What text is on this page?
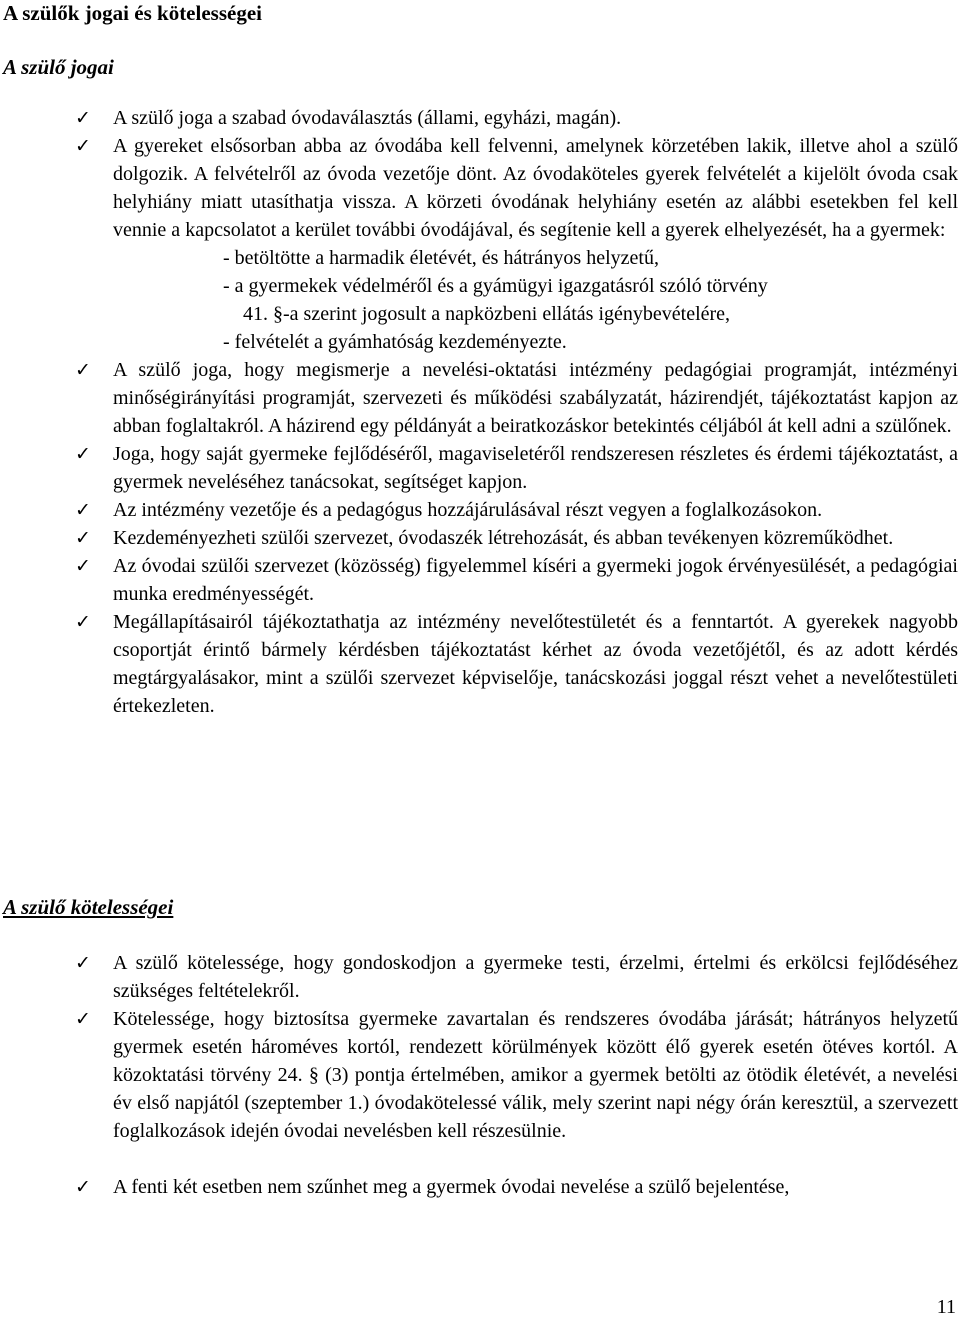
A szülők jogai és kötelességei
A szülő jogai
✓	A szülő joga a szabad óvodaválasztás (állami, egyházi, magán).
✓	A gyereket elsősorban abba az óvodába kell felvenni, amelynek körzetében lakik, illetve ahol a szülő dolgozik. A felvételről az óvoda vezetője dönt. Az óvodaköteles gyerek felvételét a kijelölt óvoda csak helyhiány miatt utasíthatja vissza. A körzeti óvodának helyhiány esetén az alábbi esetekben fel kell vennie a kapcsolatot a kerület további óvodájával, és segítenie kell a gyerek elhelyezését, ha a gyermek:
- betöltötte a harmadik életévét, és hátrányos helyzetű,
- a gyermekek védelméről és a gyámügyi igazgatásról szóló törvény
41. §-a szerint jogosult a napközbeni ellátás igénybevételére,
- felvételét a gyámhatóság kezdeményezte.
✓	A szülő joga, hogy megismerje a nevelési-oktatási intézmény pedagógiai programját, intézményi minőségirányítási programját, szervezeti és működési szabályzatát, házirendjét, tájékoztatást kapjon az abban foglaltakról. A házirend egy példányát a beiratkozáskor betekintés céljából át kell adni a szülőnek.
✓	Joga, hogy saját gyermeke fejlődéséről, magaviseletéről rendszeresen részletes és érdemi tájékoztatást, a gyermek neveléséhez tanácsokat, segítséget kapjon.
✓	Az intézmény vezetője és a pedagógus hozzájárulásával részt vegyen a foglalkozásokon.
✓	Kezdeményezheti szülői szervezet, óvodaszék létrehozását, és abban tevékenyen közreműködhet.
✓	Az óvodai szülői szervezet (közösség) figyelemmel kíséri a gyermeki jogok érvényesülését, a pedagógiai munka eredményességét.
✓	Megállapításairól tájékoztathatja az intézmény nevelőtestületét és a fenntartót. A gyerekek nagyobb csoportját érintő bármely kérdésben tájékoztatást kérhet az óvoda vezetőjétől, és az adott kérdés megtárgyalásakor, mint a szülői szervezet képviselője, tanácskozási joggal részt vehet a nevelőtestületi értekezleten.
A szülő kötelességei
✓	A szülő kötelessége, hogy gondoskodjon a gyermeke testi, érzelmi, értelmi és erkölcsi fejlődéséhez szükséges feltételekről.
✓	Kötelessége, hogy biztosítsa gyermeke zavartalan és rendszeres óvodába járását; hátrányos helyzetű gyermek esetén hároméves kortól, rendezett körülmények között élő gyerek esetén ötéves kortól. A közoktatási törvény 24. § (3) pontja értelmében, amikor a gyermek betölti az ötödik életévét, a nevelési év első napjától (szeptember 1.) óvodakötelessé válik, mely szerint napi négy órán keresztül, a szervezett foglalkozások idején óvodai nevelésben kell részesülnie.
✓	A fenti két esetben nem szűnhet meg a gyermek óvodai nevelése a szülő bejelentése,
11
